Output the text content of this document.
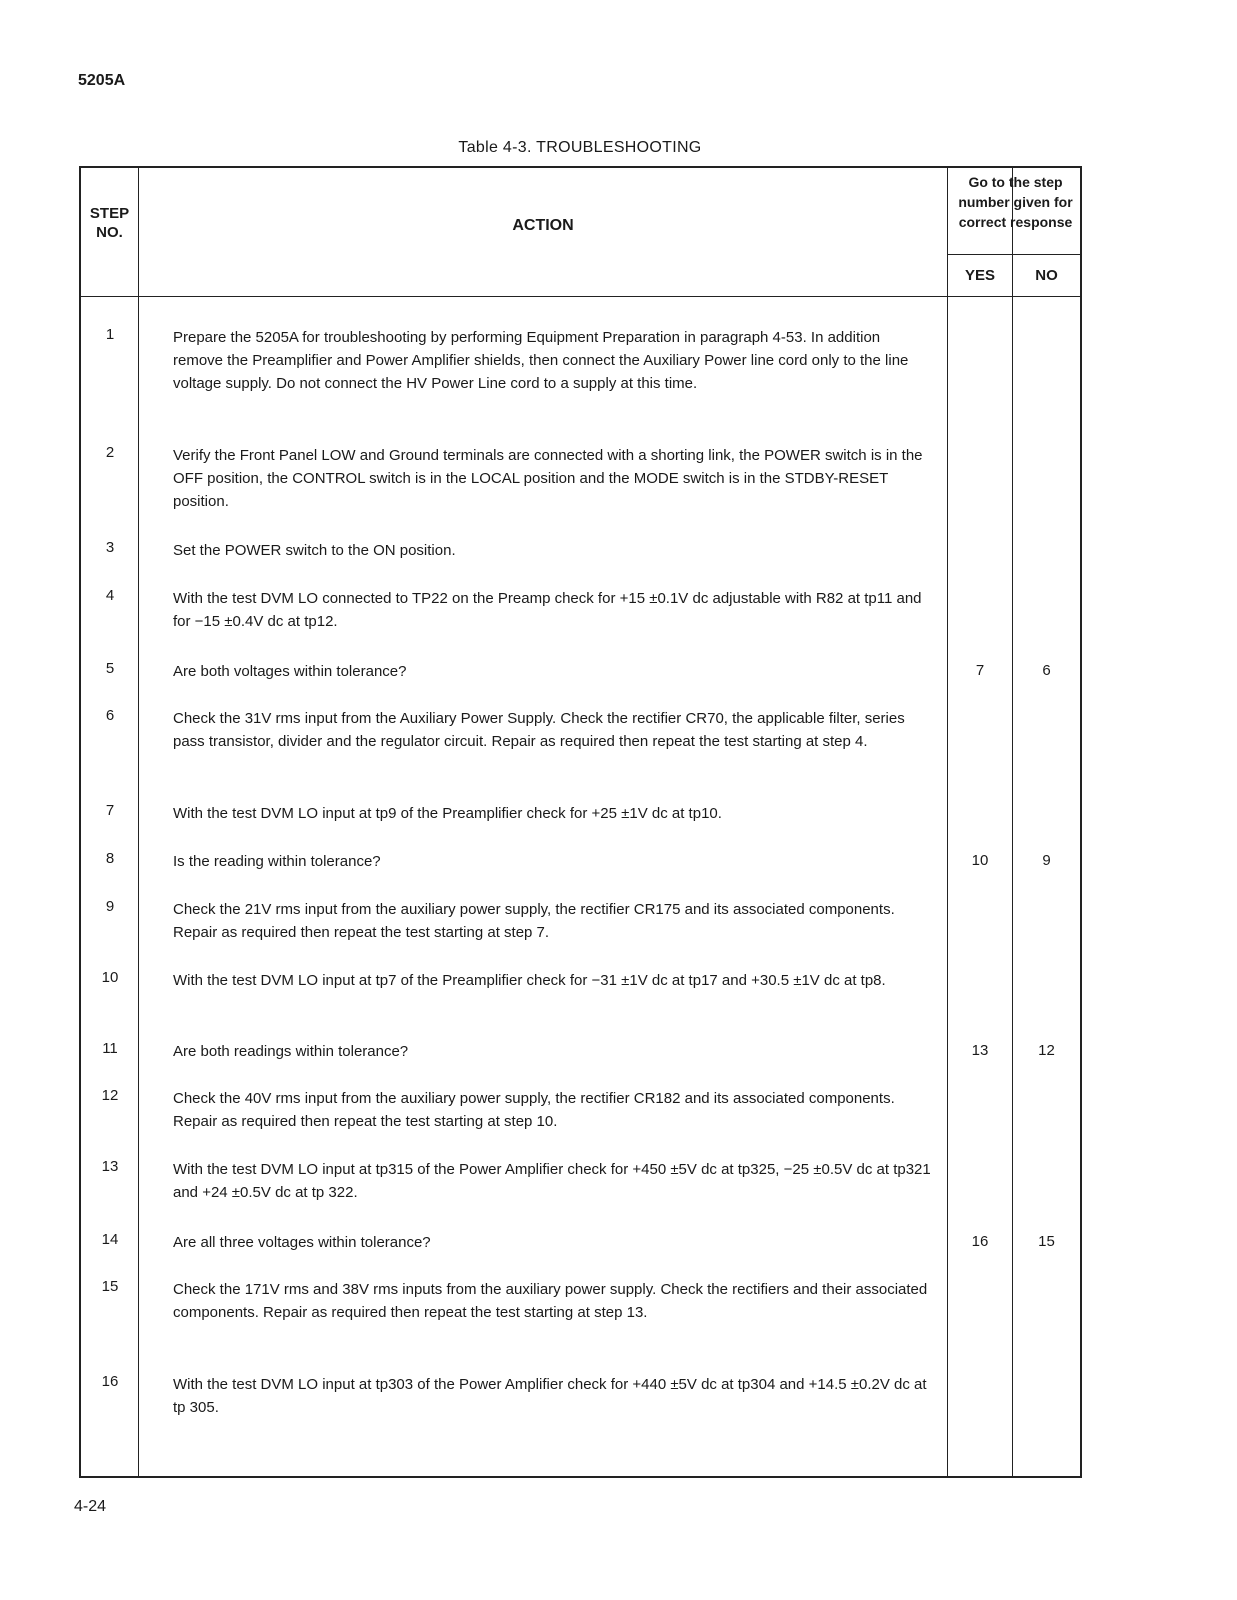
5205A
Table 4-3. TROUBLESHOOTING
STEP NO.	ACTION
Go to the step number given for correct response
YES	NO
1	Prepare the 5205A for troubleshooting by performing Equipment Preparation in paragraph 4-53. In addition remove the Preamplifier and Power Amplifier shields, then connect the Auxiliary Power line cord only to the line voltage supply. Do not connect the HV Power Line cord to a supply at this time.
2	Verify the Front Panel LOW and Ground terminals are connected with a shorting link, the POWER switch is in the OFF position, the CONTROL switch is in the LOCAL position and the MODE switch is in the STDBY-RESET position.
3	Set the POWER switch to the ON position.
4	With the test DVM LO connected to TP22 on the Preamp check for +15 ±0.1V dc adjustable with R82 at tp11 and for −15 ±0.4V dc at tp12.
5	Are both voltages within tolerance?	7	6
6	Check the 31V rms input from the Auxiliary Power Supply. Check the rectifier CR70, the applicable filter, series pass transistor, divider and the regulator circuit. Repair as required then repeat the test starting at step 4.
7	With the test DVM LO input at tp9 of the Preamplifier check for +25 ±1V dc at tp10.
8	Is the reading within tolerance?	10	9
9	Check the 21V rms input from the auxiliary power supply, the rectifier CR175 and its associated components. Repair as required then repeat the test starting at step 7.
10	With the test DVM LO input at tp7 of the Preamplifier check for −31 ±1V dc at tp17 and +30.5 ±1V dc at tp8.
11	Are both readings within tolerance?	13	12
12	Check the 40V rms input from the auxiliary power supply, the rectifier CR182 and its associated components. Repair as required then repeat the test starting at step 10.
13	With the test DVM LO input at tp315 of the Power Amplifier check for +450 ±5V dc at tp325, −25 ±0.5V dc at tp321 and +24 ±0.5V dc at tp 322.
14	Are all three voltages within tolerance?	16	15
15	Check the 171V rms and 38V rms inputs from the auxiliary power supply. Check the rectifiers and their associated components. Repair as required then repeat the test starting at step 13.
16	With the test DVM LO input at tp303 of the Power Amplifier check for +440 ±5V dc at tp304 and +14.5 ±0.2V dc at tp 305.
4-24
